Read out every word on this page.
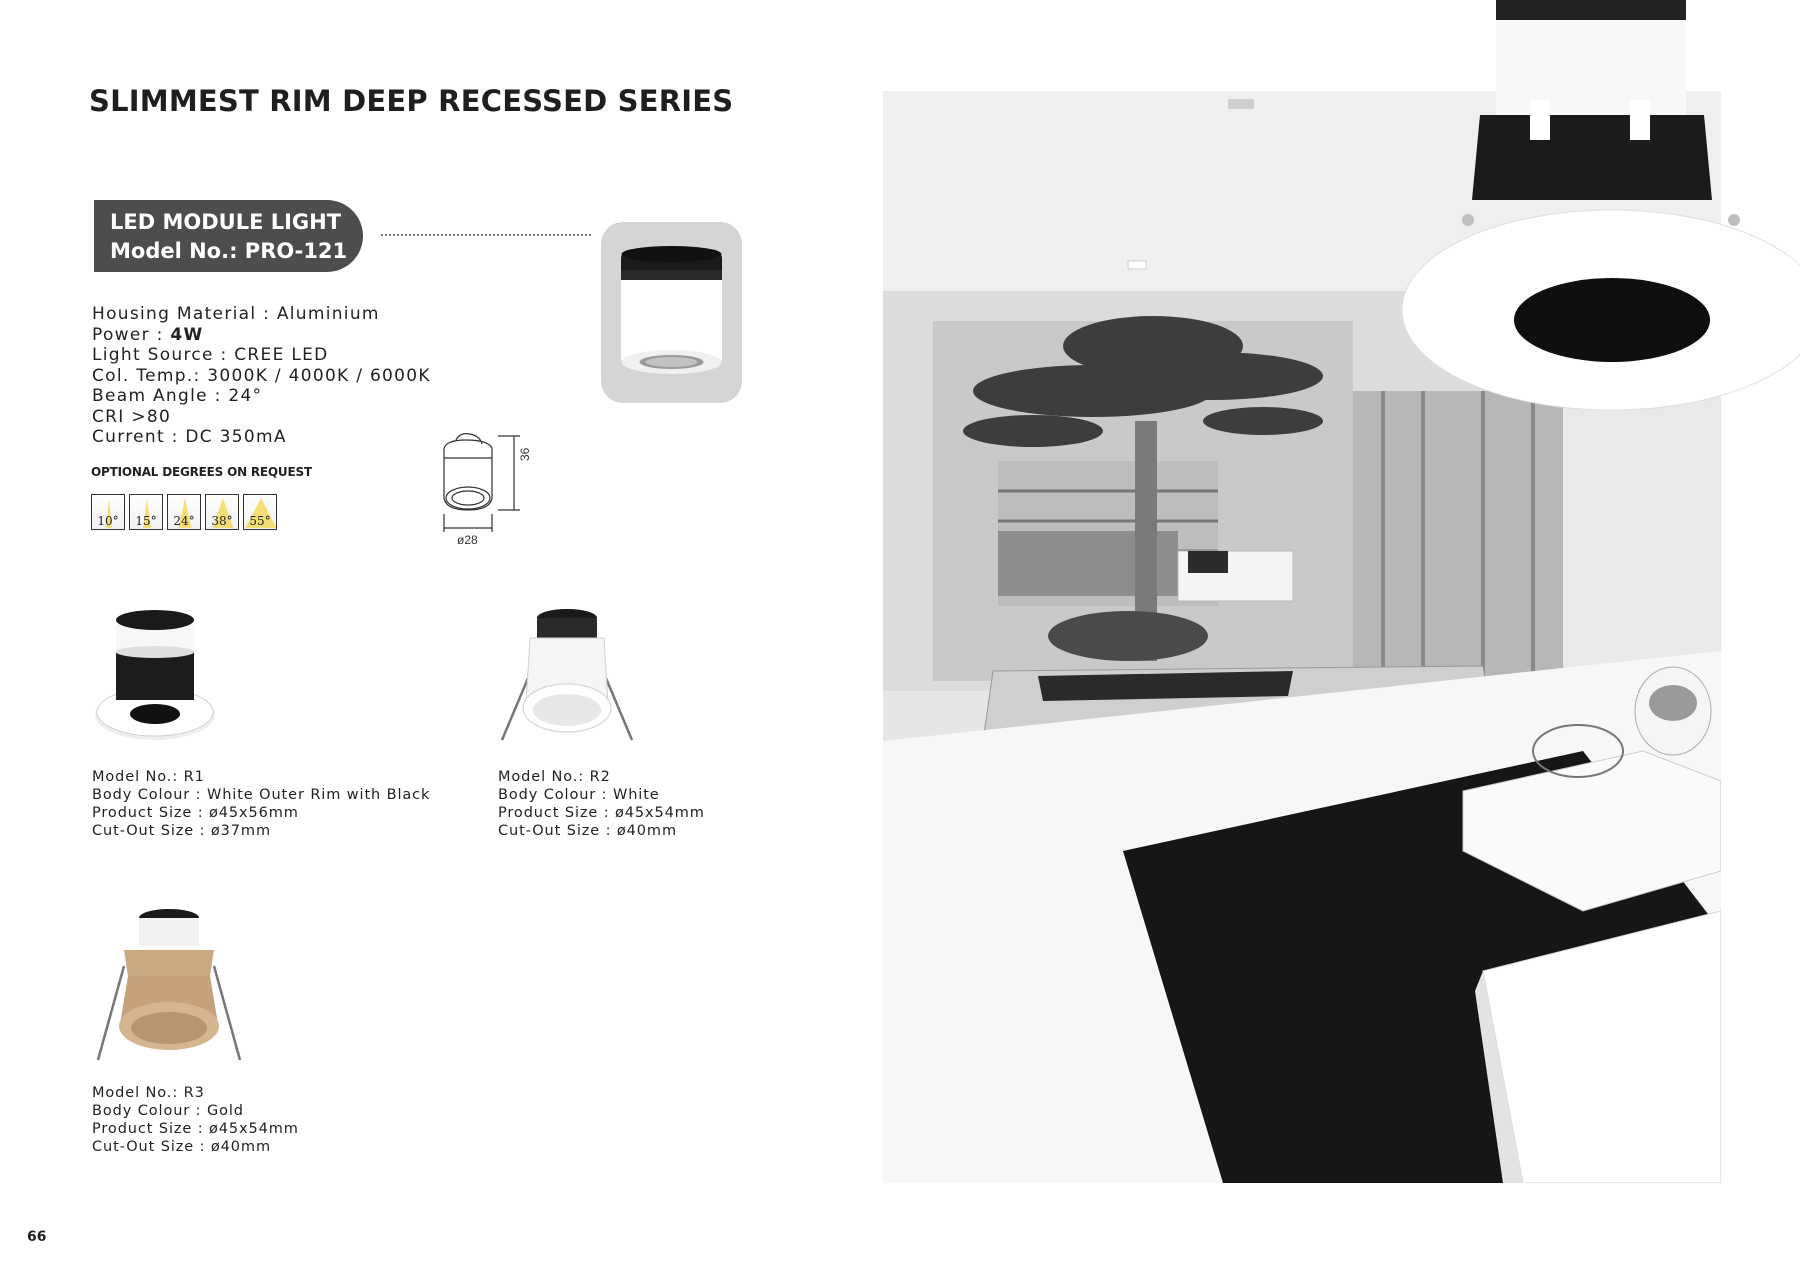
SLIMMEST RIM DEEP RECESSED SERIES
LED MODULE LIGHT
Model No.: PRO-121
Housing Material : Aluminium
Power : 4W
Light Source : CREE LED
Col. Temp.: 3000K / 4000K / 6000K
Beam Angle : 24°
CRI >80
Current : DC 350mA
OPTIONAL DEGREES ON REQUEST
10°	15°	24°	38°	55°
36
ø28
Model No.: R1
Body Colour : White Outer Rim with Black
Product Size : ø45x56mm
Cut-Out Size : ø37mm
Model No.: R2
Body Colour : White
Product Size : ø45x54mm
Cut-Out Size : ø40mm
Model No.: R3
Body Colour : Gold
Product Size : ø45x54mm
Cut-Out Size : ø40mm
66
